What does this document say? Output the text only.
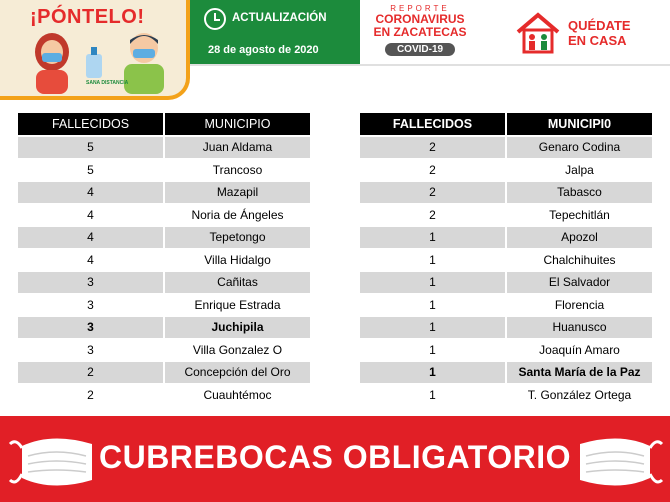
¡PÓNTELO!
SANA DISTANCIA
ACTUALIZACIÓN
28 de agosto de 2020
REPORTE
CORONAVIRUS
EN ZACATECAS
COVID-19
QUÉDATE
EN CASA
FALLECIDOS	MUNICIPIO
5	Juan Aldama
5	Trancoso
4	Mazapil
4	Noria de Ángeles
4	Tepetongo
4	Villa Hidalgo
3	Cañitas
3	Enrique Estrada
3	Juchipila
3	Villa Gonzalez O
2	Concepción del Oro
2	Cuauhtémoc
FALLECIDOS	MUNICIPI0
2	Genaro Codina
2	Jalpa
2	Tabasco
2	Tepechitlán
1	Apozol
1	Chalchihuites
1	El Salvador
1	Florencia
1	Huanusco
1	Joaquín Amaro
1	Santa María de la Paz
1	T. González Ortega
CUBREBOCAS OBLIGATORIO
